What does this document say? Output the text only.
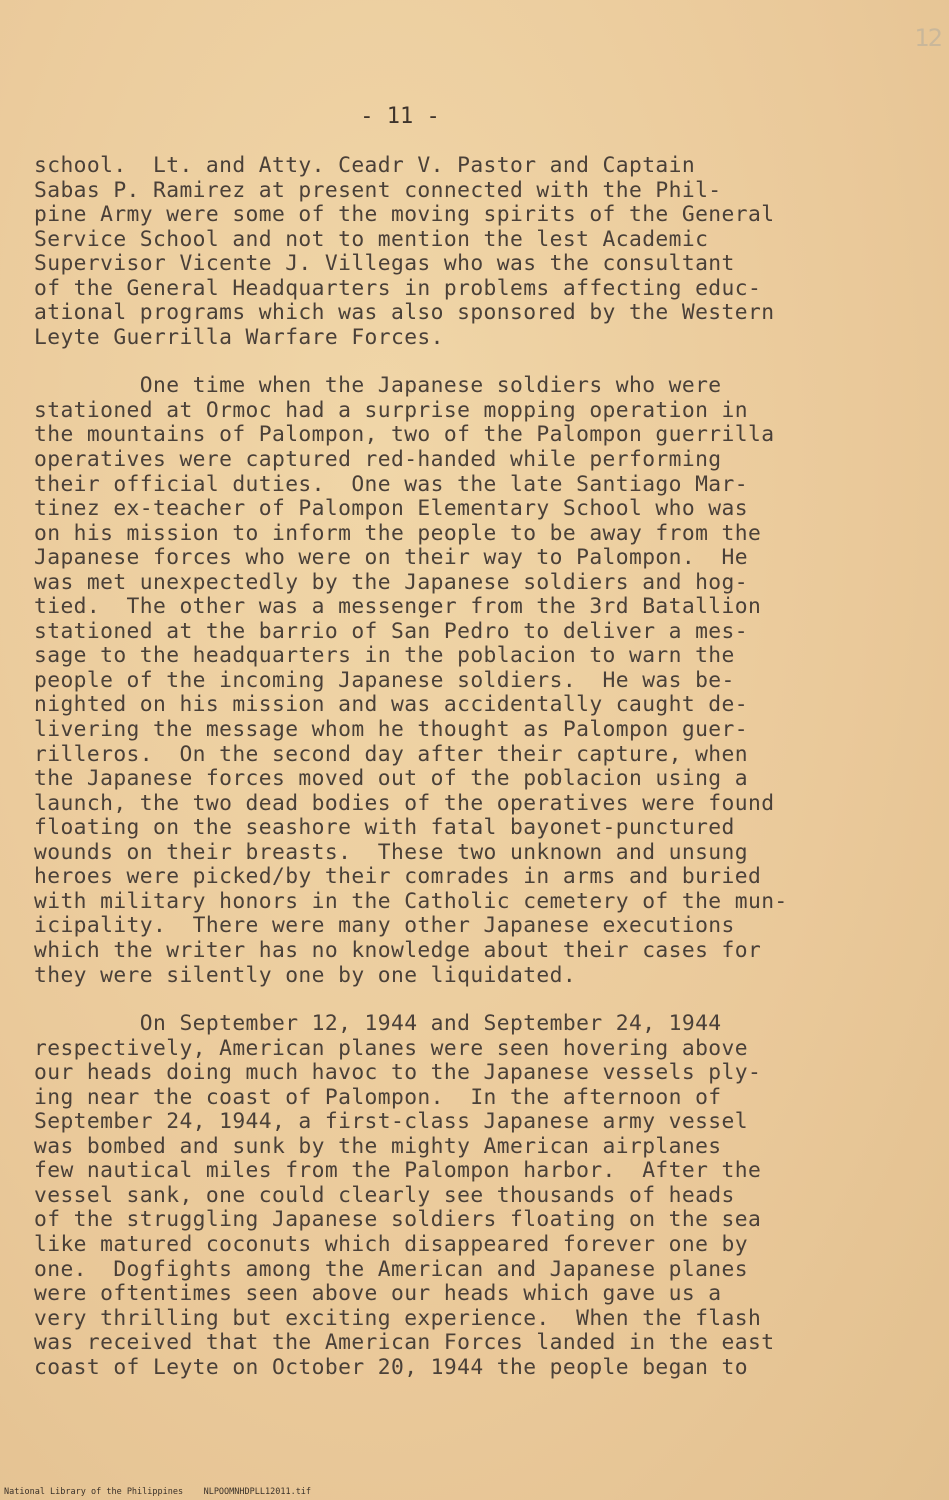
12
- 11 -
school.  Lt. and Atty. Ceadr V. Pastor and Captain
Sabas P. Ramirez at present connected with the Phil-
pine Army were some of the moving spirits of the General
Service School and not to mention the lest Academic
Supervisor Vicente J. Villegas who was the consultant
of the General Headquarters in problems affecting educ-
ational programs which was also sponsored by the Western
Leyte Guerrilla Warfare Forces.
One time when the Japanese soldiers who were
stationed at Ormoc had a surprise mopping operation in
the mountains of Palompon, two of the Palompon guerrilla
operatives were captured red-handed while performing
their official duties.  One was the late Santiago Mar-
tinez ex-teacher of Palompon Elementary School who was
on his mission to inform the people to be away from the
Japanese forces who were on their way to Palompon.  He
was met unexpectedly by the Japanese soldiers and hog-
tied.  The other was a messenger from the 3rd Batallion
stationed at the barrio of San Pedro to deliver a mes-
sage to the headquarters in the poblacion to warn the
people of the incoming Japanese soldiers.  He was be-
nighted on his mission and was accidentally caught de-
livering the message whom he thought as Palompon guer-
rilleros.  On the second day after their capture, when
the Japanese forces moved out of the poblacion using a
launch, the two dead bodies of the operatives were found
floating on the seashore with fatal bayonet-punctured
wounds on their breasts.  These two unknown and unsung
heroes were picked/by their comrades in arms and buried
with military honors in the Catholic cemetery of the mun-
icipality.  There were many other Japanese executions
which the writer has no knowledge about their cases for
they were silently one by one liquidated.
On September 12, 1944 and September 24, 1944
respectively, American planes were seen hovering above
our heads doing much havoc to the Japanese vessels ply-
ing near the coast of Palompon.  In the afternoon of
September 24, 1944, a first-class Japanese army vessel
was bombed and sunk by the mighty American airplanes
few nautical miles from the Palompon harbor.  After the
vessel sank, one could clearly see thousands of heads
of the struggling Japanese soldiers floating on the sea
like matured coconuts which disappeared forever one by
one.  Dogfights among the American and Japanese planes
were oftentimes seen above our heads which gave us a
very thrilling but exciting experience.  When the flash
was received that the American Forces landed in the east
coast of Leyte on October 20, 1944 the people began to
National Library of the Philippines    NLPOOMNHDPLL12011.tif
